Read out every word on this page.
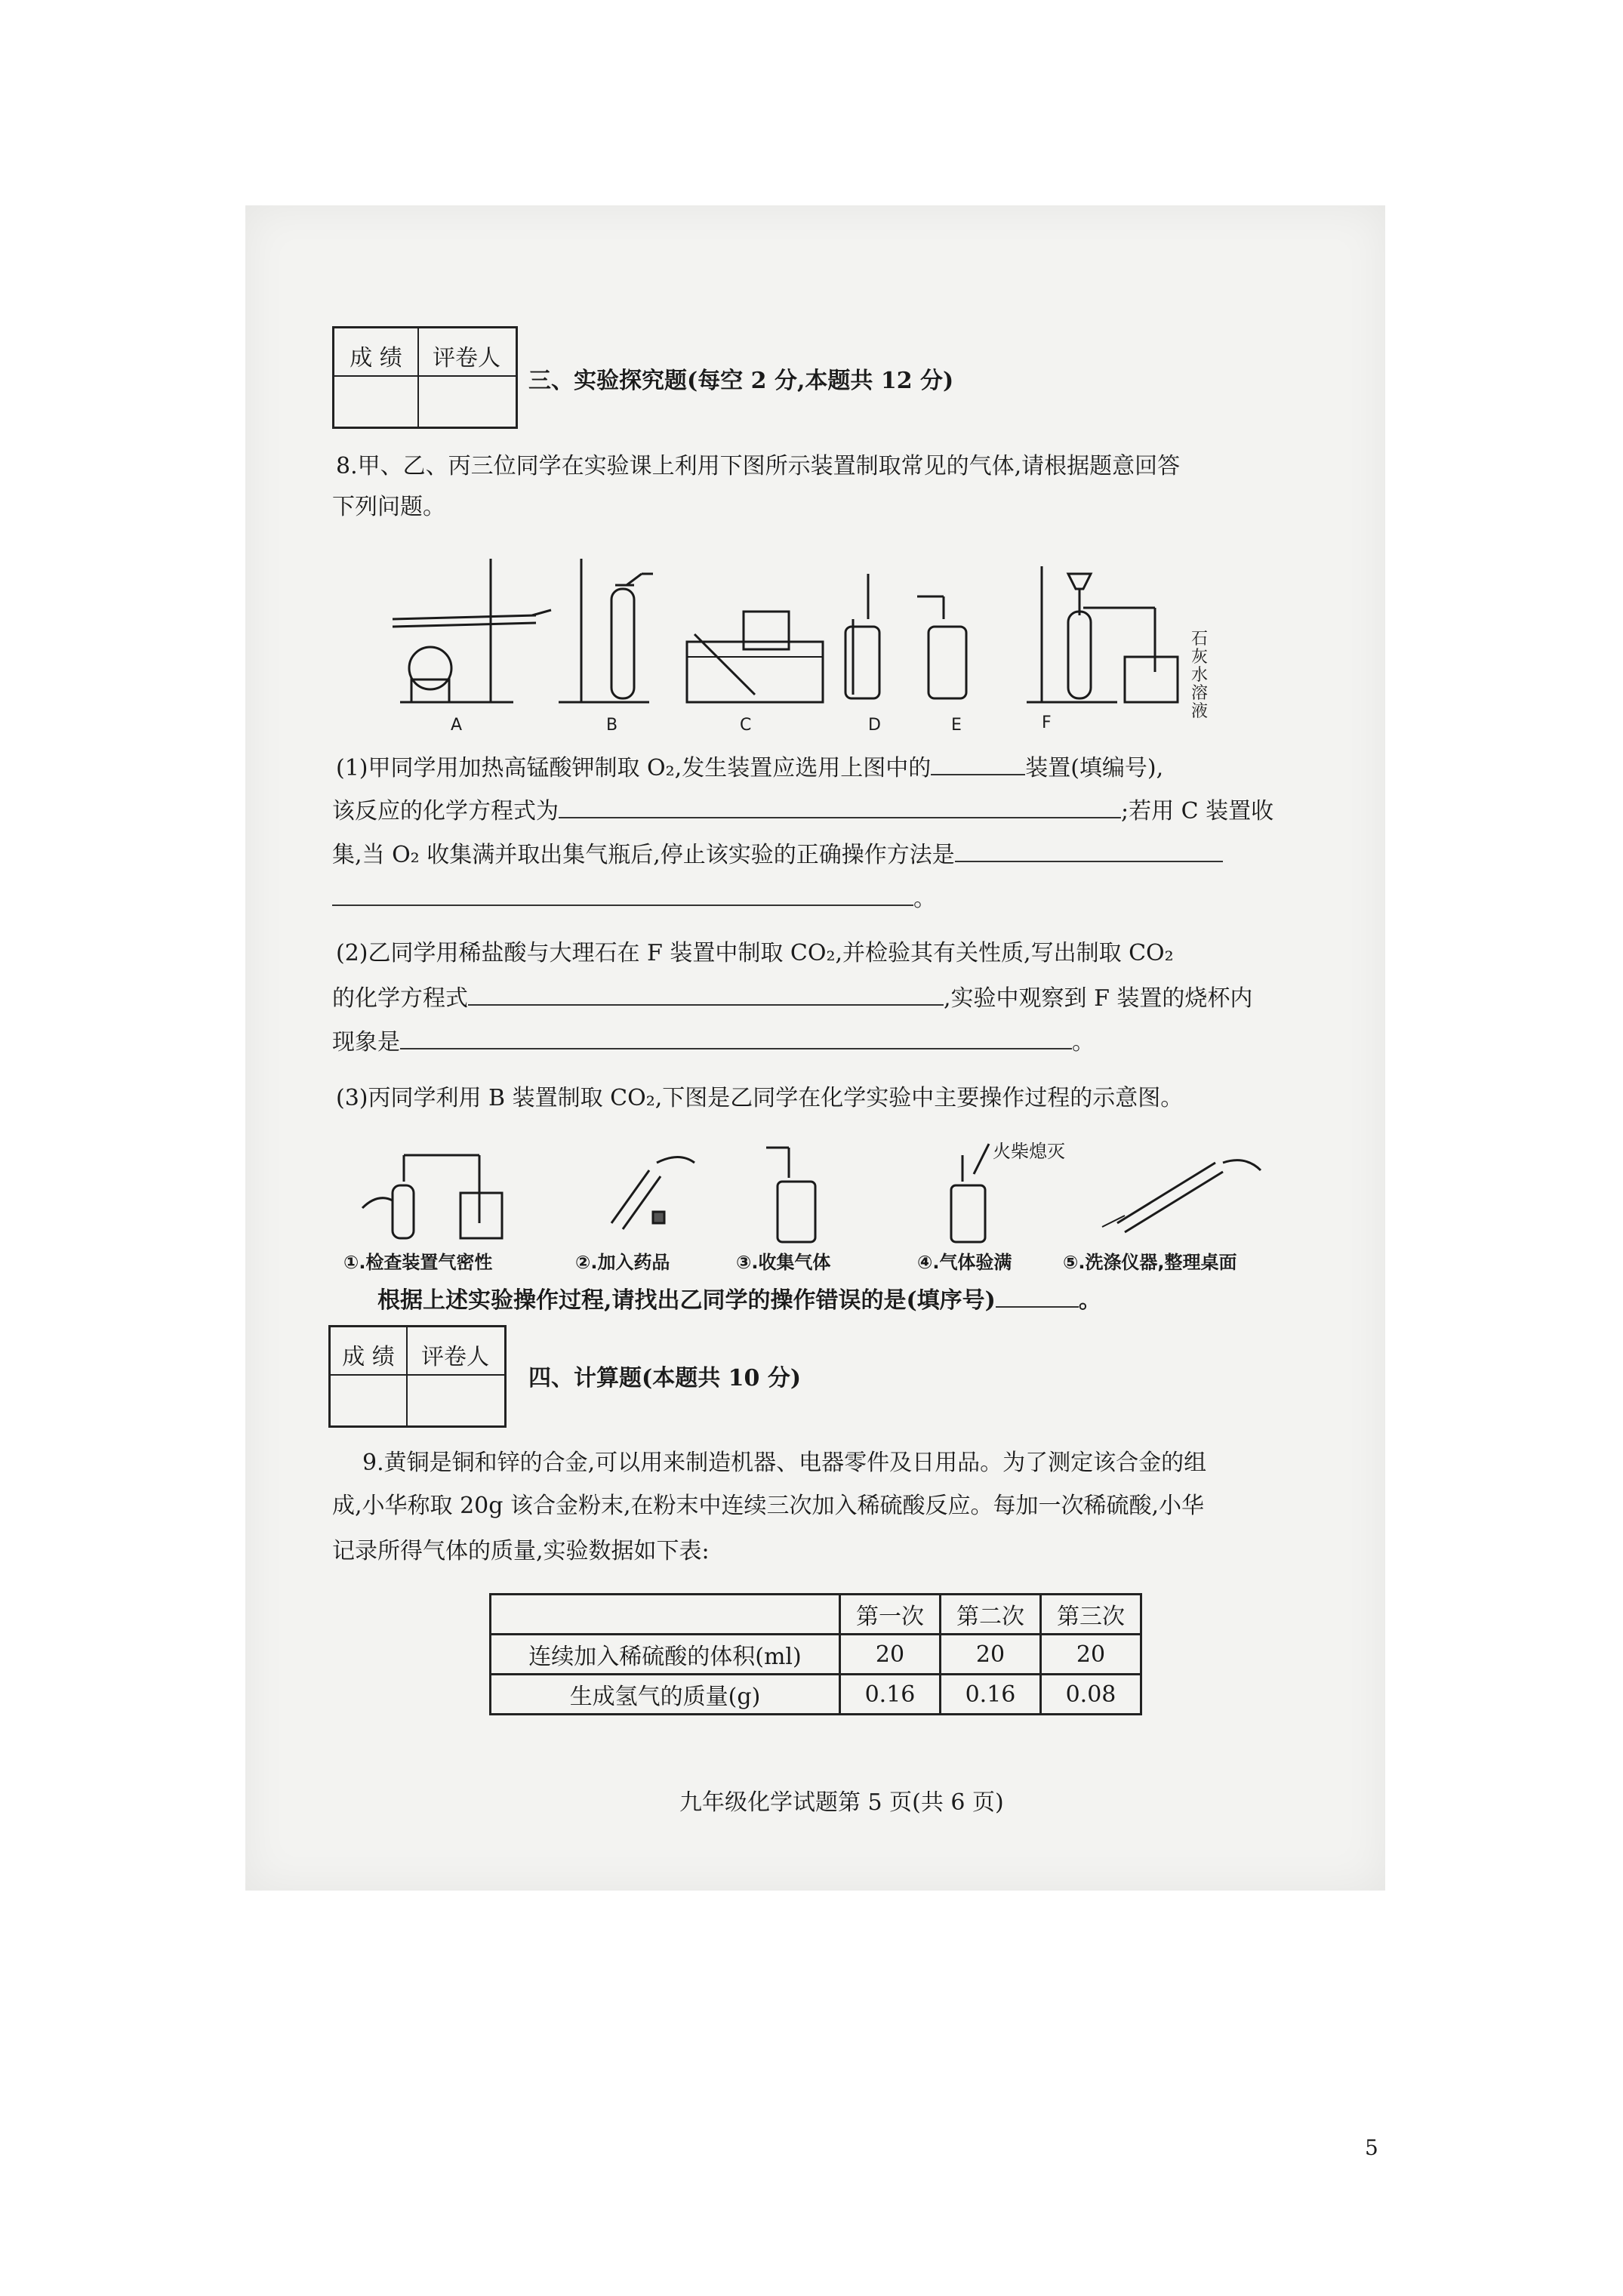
成 绩	评卷人
三、实验探究题(每空 2 分,本题共 12 分)
8.甲、乙、丙三位同学在实验课上利用下图所示装置制取常见的气体,请根据题意回答
下列问题。
A	B	C	D	E	F
石灰水溶液
(1)甲同学用加热高锰酸钾制取 O₂,发生装置应选用上图中的	装置(填编号),
该反应的化学方程式为	;若用 C 装置收
集,当 O₂ 收集满并取出集气瓶后,停止该实验的正确操作方法是
。
(2)乙同学用稀盐酸与大理石在 F 装置中制取 CO₂,并检验其有关性质,写出制取 CO₂
的化学方程式	,实验中观察到 F 装置的烧杯内
现象是	。
(3)丙同学利用 B 装置制取 CO₂,下图是乙同学在化学实验中主要操作过程的示意图。
火柴熄灭
①.检查装置气密性	②.加入药品	③.收集气体	④.气体验满	⑤.洗涤仪器,整理桌面
根据上述实验操作过程,请找出乙同学的操作错误的是(填序号)	。
成 绩	评卷人
四、计算题(本题共 10 分)
9.黄铜是铜和锌的合金,可以用来制造机器、电器零件及日用品。为了测定该合金的组
成,小华称取 20g 该合金粉末,在粉末中连续三次加入稀硫酸反应。每加一次稀硫酸,小华
记录所得气体的质量,实验数据如下表:
	第一次	第二次	第三次
连续加入稀硫酸的体积(ml)	20	20	20
生成氢气的质量(g)	0.16	0.16	0.08
九年级化学试题第 5 页(共 6 页)
5
